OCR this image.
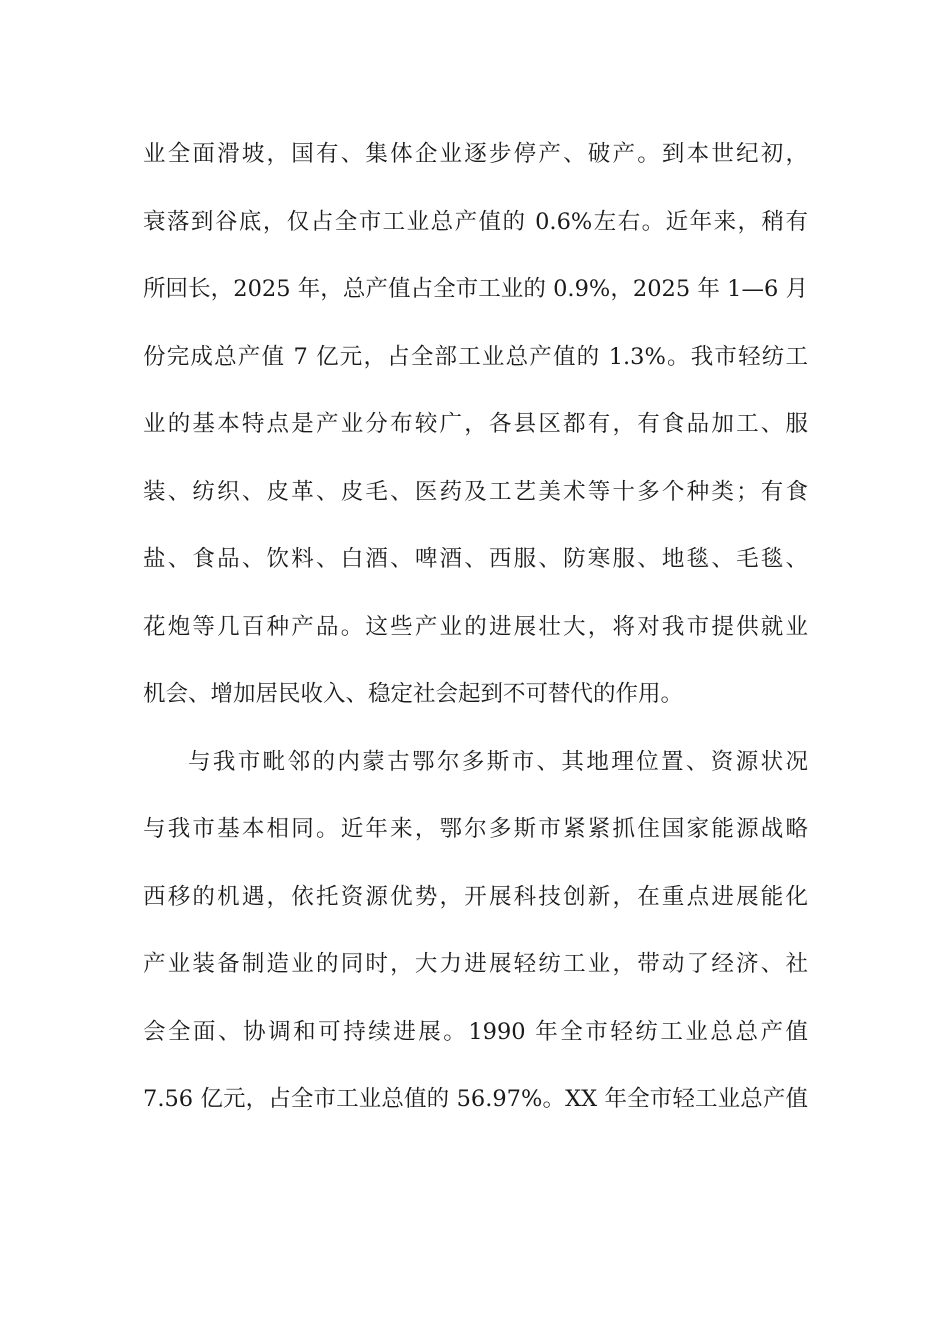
业全面滑坡，国有、集体企业逐步停产、破产。到本世纪初，
衰落到谷底，仅占全市工业总产值的 0.6%左右。近年来，稍有
所回长，2025 年，总产值占全市工业的 0.9%，2025 年 1—6 月
份完成总产值 7 亿元，占全部工业总产值的 1.3%。我市轻纺工
业的基本特点是产业分布较广，各县区都有，有食品加工、服
装、纺织、皮革、皮毛、医药及工艺美术等十多个种类；有食
盐、食品、饮料、白酒、啤酒、西服、防寒服、地毯、毛毯、
花炮等几百种产品。这些产业的进展壮大，将对我市提供就业
机会、增加居民收入、稳定社会起到不可替代的作用。
与我市毗邻的内蒙古鄂尔多斯市、其地理位置、资源状况
与我市基本相同。近年来，鄂尔多斯市紧紧抓住国家能源战略
西移的机遇，依托资源优势，开展科技创新，在重点进展能化
产业装备制造业的同时，大力进展轻纺工业，带动了经济、社
会全面、协调和可持续进展。1990 年全市轻纺工业总总产值
7.56 亿元，占全市工业总值的 56.97%。XX 年全市轻工业总产值
